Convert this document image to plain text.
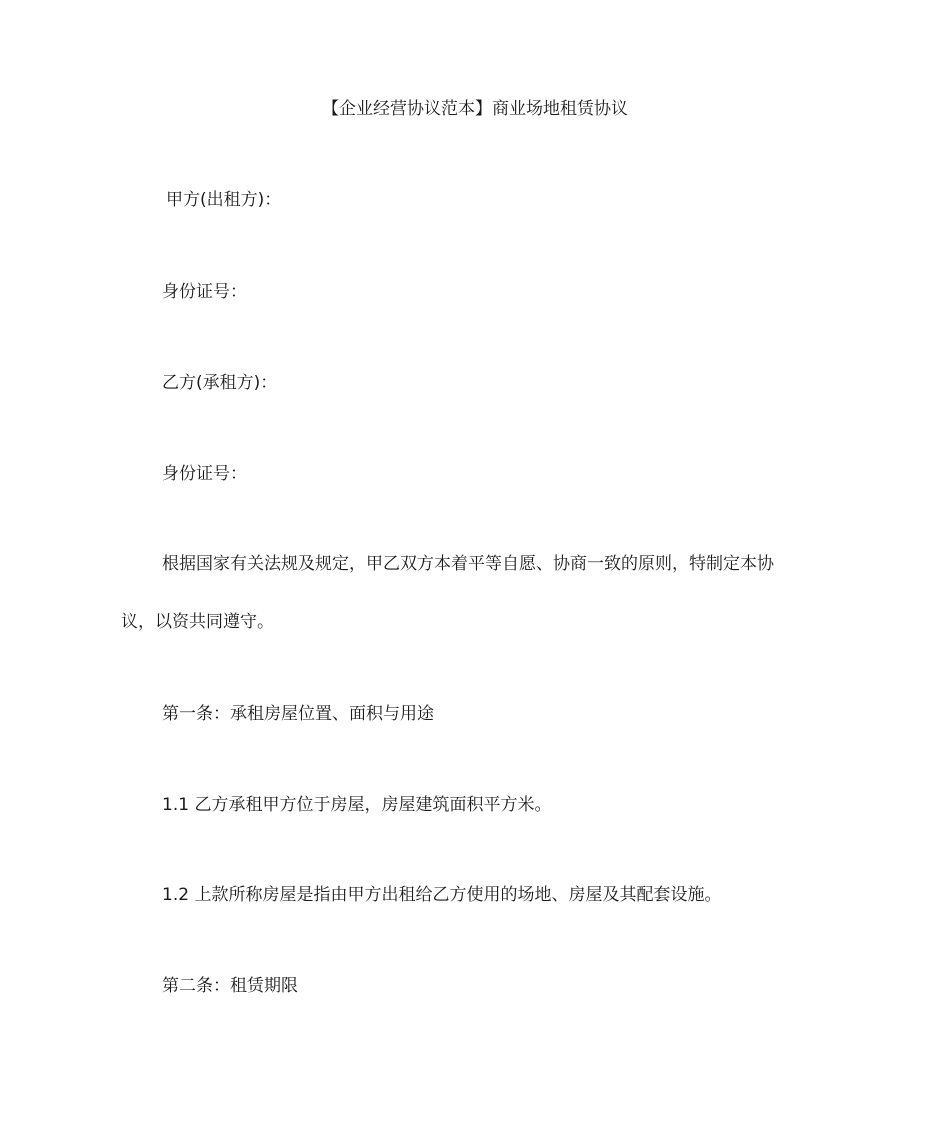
【企业经营协议范本】商业场地租赁协议
甲方(出租方)：
身份证号：
乙方(承租方)：
身份证号：
根据国家有关法规及规定，甲乙双方本着平等自愿、协商一致的原则，特制定本协
议，以资共同遵守。
第一条：承租房屋位置、面积与用途
1.1 乙方承租甲方位于房屋，房屋建筑面积平方米。
1.2 上款所称房屋是指由甲方出租给乙方使用的场地、房屋及其配套设施。
第二条：租赁期限
